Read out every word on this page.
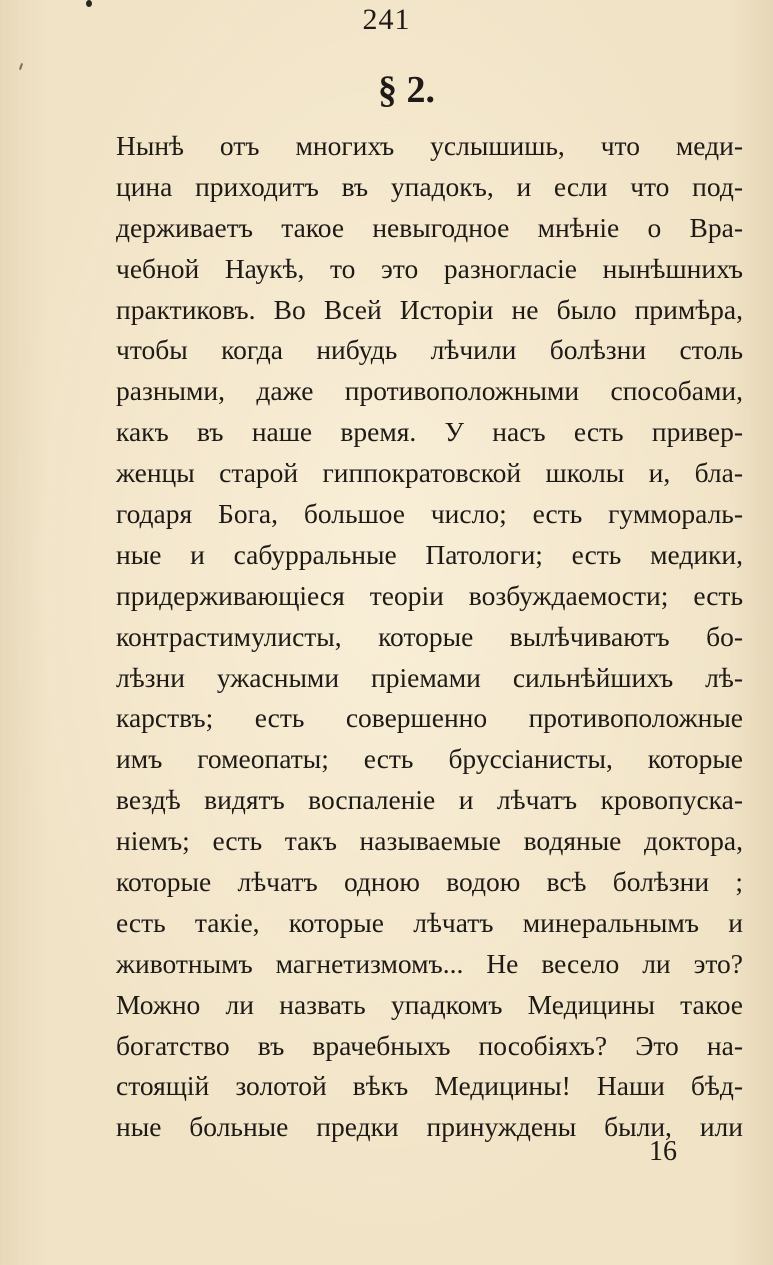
241
§ 2.
Нынѣ отъ многихъ услышишь, что меди-
цина приходитъ въ упадокъ, и если что под-
держиваетъ такое невыгодное мнѣніе о Вра-
чебной Наукѣ, то это разногласіе нынѣшнихъ
практиковъ. Во Всей Исторіи не было примѣра,
чтобы когда нибудь лѣчили болѣзни столь
разными, даже противоположными способами,
какъ въ наше время. У насъ есть привер-
женцы старой гиппократовской школы и, бла-
годаря Бога, большое число; есть гуммораль-
ные и сабурральные Патологи; есть медики,
придерживающіеся теоріи возбуждаемости; есть
контрастимулисты, которые вылѣчиваютъ бо-
лѣзни ужасными пріемами сильнѣйшихъ лѣ-
карствъ; есть совершенно противоположные
имъ гомеопаты; есть бруссіанисты, которые
вездѣ видятъ воспаленіе и лѣчатъ кровопуска-
ніемъ; есть такъ называемые водяные доктора,
которые лѣчатъ одною водою всѣ болѣзни ;
есть такіе, которые лѣчатъ минеральнымъ и
животнымъ магнетизмомъ... Не весело ли это?
Можно ли назвать упадкомъ Медицины такое
богатство въ врачебныхъ пособіяхъ? Это на-
стоящій золотой вѣкъ Медицины! Наши бѣд-
ные больные предки принуждены были, или
16
